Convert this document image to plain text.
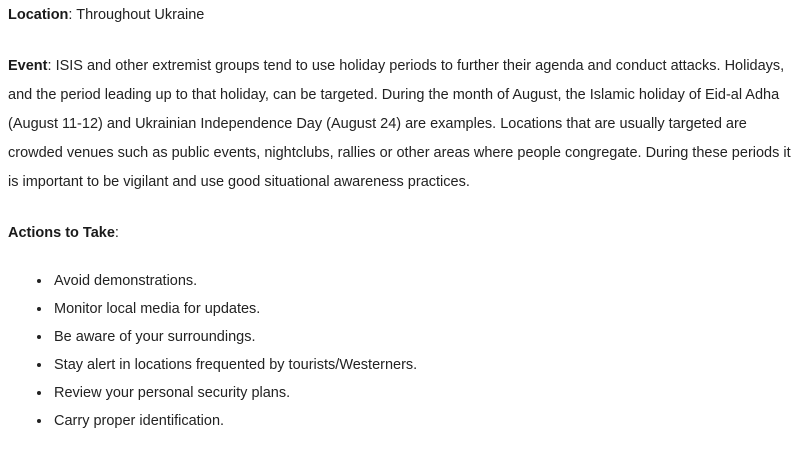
Location: Throughout Ukraine

Event: ISIS and other extremist groups tend to use holiday periods to further their agenda and conduct attacks. Holidays, and the period leading up to that holiday, can be targeted. During the month of August, the Islamic holiday of Eid-al Adha (August 11-12) and Ukrainian Independence Day (August 24) are examples. Locations that are usually targeted are crowded venues such as public events, nightclubs, rallies or other areas where people congregate. During these periods it is important to be vigilant and use good situational awareness practices.

Actions to Take:

• Avoid demonstrations.
• Monitor local media for updates.
• Be aware of your surroundings.
• Stay alert in locations frequented by tourists/Westerners.
• Review your personal security plans.
• Carry proper identification.
